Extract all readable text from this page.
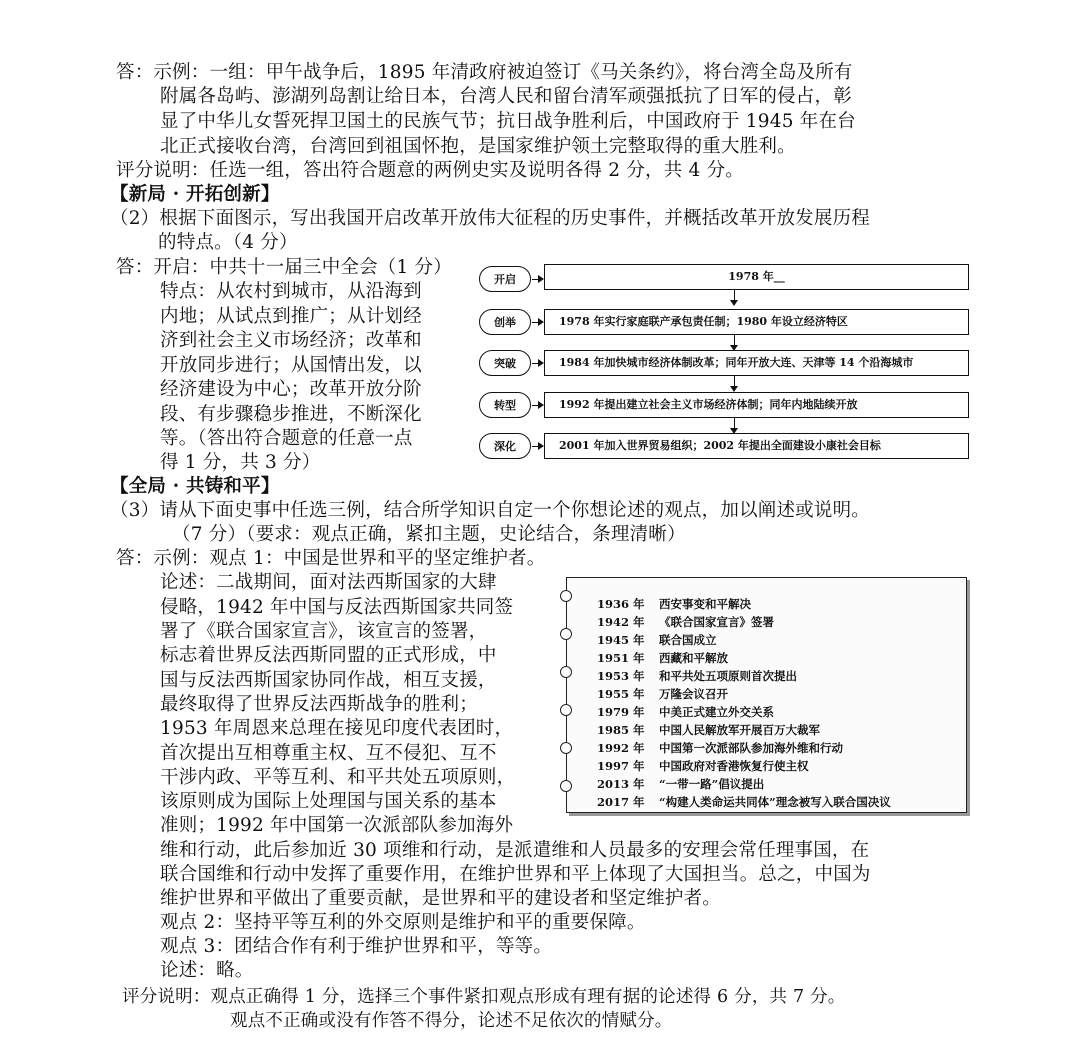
答：示例：一组：甲午战争后，1895 年清政府被迫签订《马关条约》，将台湾全岛及所有
附属各岛屿、澎湖列岛割让给日本，台湾人民和留台清军顽强抵抗了日军的侵占，彰
显了中华儿女誓死捍卫国土的民族气节；抗日战争胜利后，中国政府于 1945 年在台
北正式接收台湾，台湾回到祖国怀抱，是国家维护领土完整取得的重大胜利。
评分说明：任选一组，答出符合题意的两例史实及说明各得 2 分，共 4 分。
【新局 · 开拓创新】
（2）根据下面图示，写出我国开启改革开放伟大征程的历史事件，并概括改革开放发展历程
的特点。（4 分）
答：开启：中共十一届三中全会（1 分）
特点：从农村到城市，从沿海到
内地；从试点到推广；从计划经
济到社会主义市场经济；改革和
开放同步进行；从国情出发，以
经济建设为中心；改革开放分阶
段、有步骤稳步推进，不断深化
等。（答出符合题意的任意一点
得 1 分，共 3 分）
开启
创举
突破
转型
深化
1978 年__
1978 年实行家庭联产承包责任制；1980 年设立经济特区
1984 年加快城市经济体制改革；同年开放大连、天津等 14 个沿海城市
1992 年提出建立社会主义市场经济体制；同年内地陆续开放
2001 年加入世界贸易组织；2002 年提出全面建设小康社会目标
【全局 · 共铸和平】
（3）请从下面史事中任选三例，结合所学知识自定一个你想论述的观点，加以阐述或说明。
（7 分）（要求：观点正确，紧扣主题，史论结合，条理清晰）
答：示例：观点 1：中国是世界和平的坚定维护者。
论述：二战期间，面对法西斯国家的大肆
侵略，1942 年中国与反法西斯国家共同签
署了《联合国家宣言》，该宣言的签署，
标志着世界反法西斯同盟的正式形成，中
国与反法西斯国家协同作战，相互支援，
最终取得了世界反法西斯战争的胜利；
1953 年周恩来总理在接见印度代表团时，
首次提出互相尊重主权、互不侵犯、互不
干涉内政、平等互利、和平共处五项原则，
该原则成为国际上处理国与国关系的基本
准则；1992 年中国第一次派部队参加海外
1936 年 西安事变和平解决
1942 年 《联合国家宣言》签署
1945 年 联合国成立
1951 年 西藏和平解放
1953 年 和平共处五项原则首次提出
1955 年 万隆会议召开
1979 年 中美正式建立外交关系
1985 年 中国人民解放军开展百万大裁军
1992 年 中国第一次派部队参加海外维和行动
1997 年 中国政府对香港恢复行使主权
2013 年 “一带一路”倡议提出
2017 年 “构建人类命运共同体”理念被写入联合国决议
维和行动，此后参加近 30 项维和行动，是派遣维和人员最多的安理会常任理事国，在
联合国维和行动中发挥了重要作用，在维护世界和平上体现了大国担当。总之，中国为
维护世界和平做出了重要贡献，是世界和平的建设者和坚定维护者。
观点 2：坚持平等互利的外交原则是维护和平的重要保障。
观点 3：团结合作有利于维护世界和平，等等。
论述：略。
评分说明：观点正确得 1 分，选择三个事件紧扣观点形成有理有据的论述得 6 分，共 7 分。
观点不正确或没有作答不得分，论述不足依次的情赋分。
